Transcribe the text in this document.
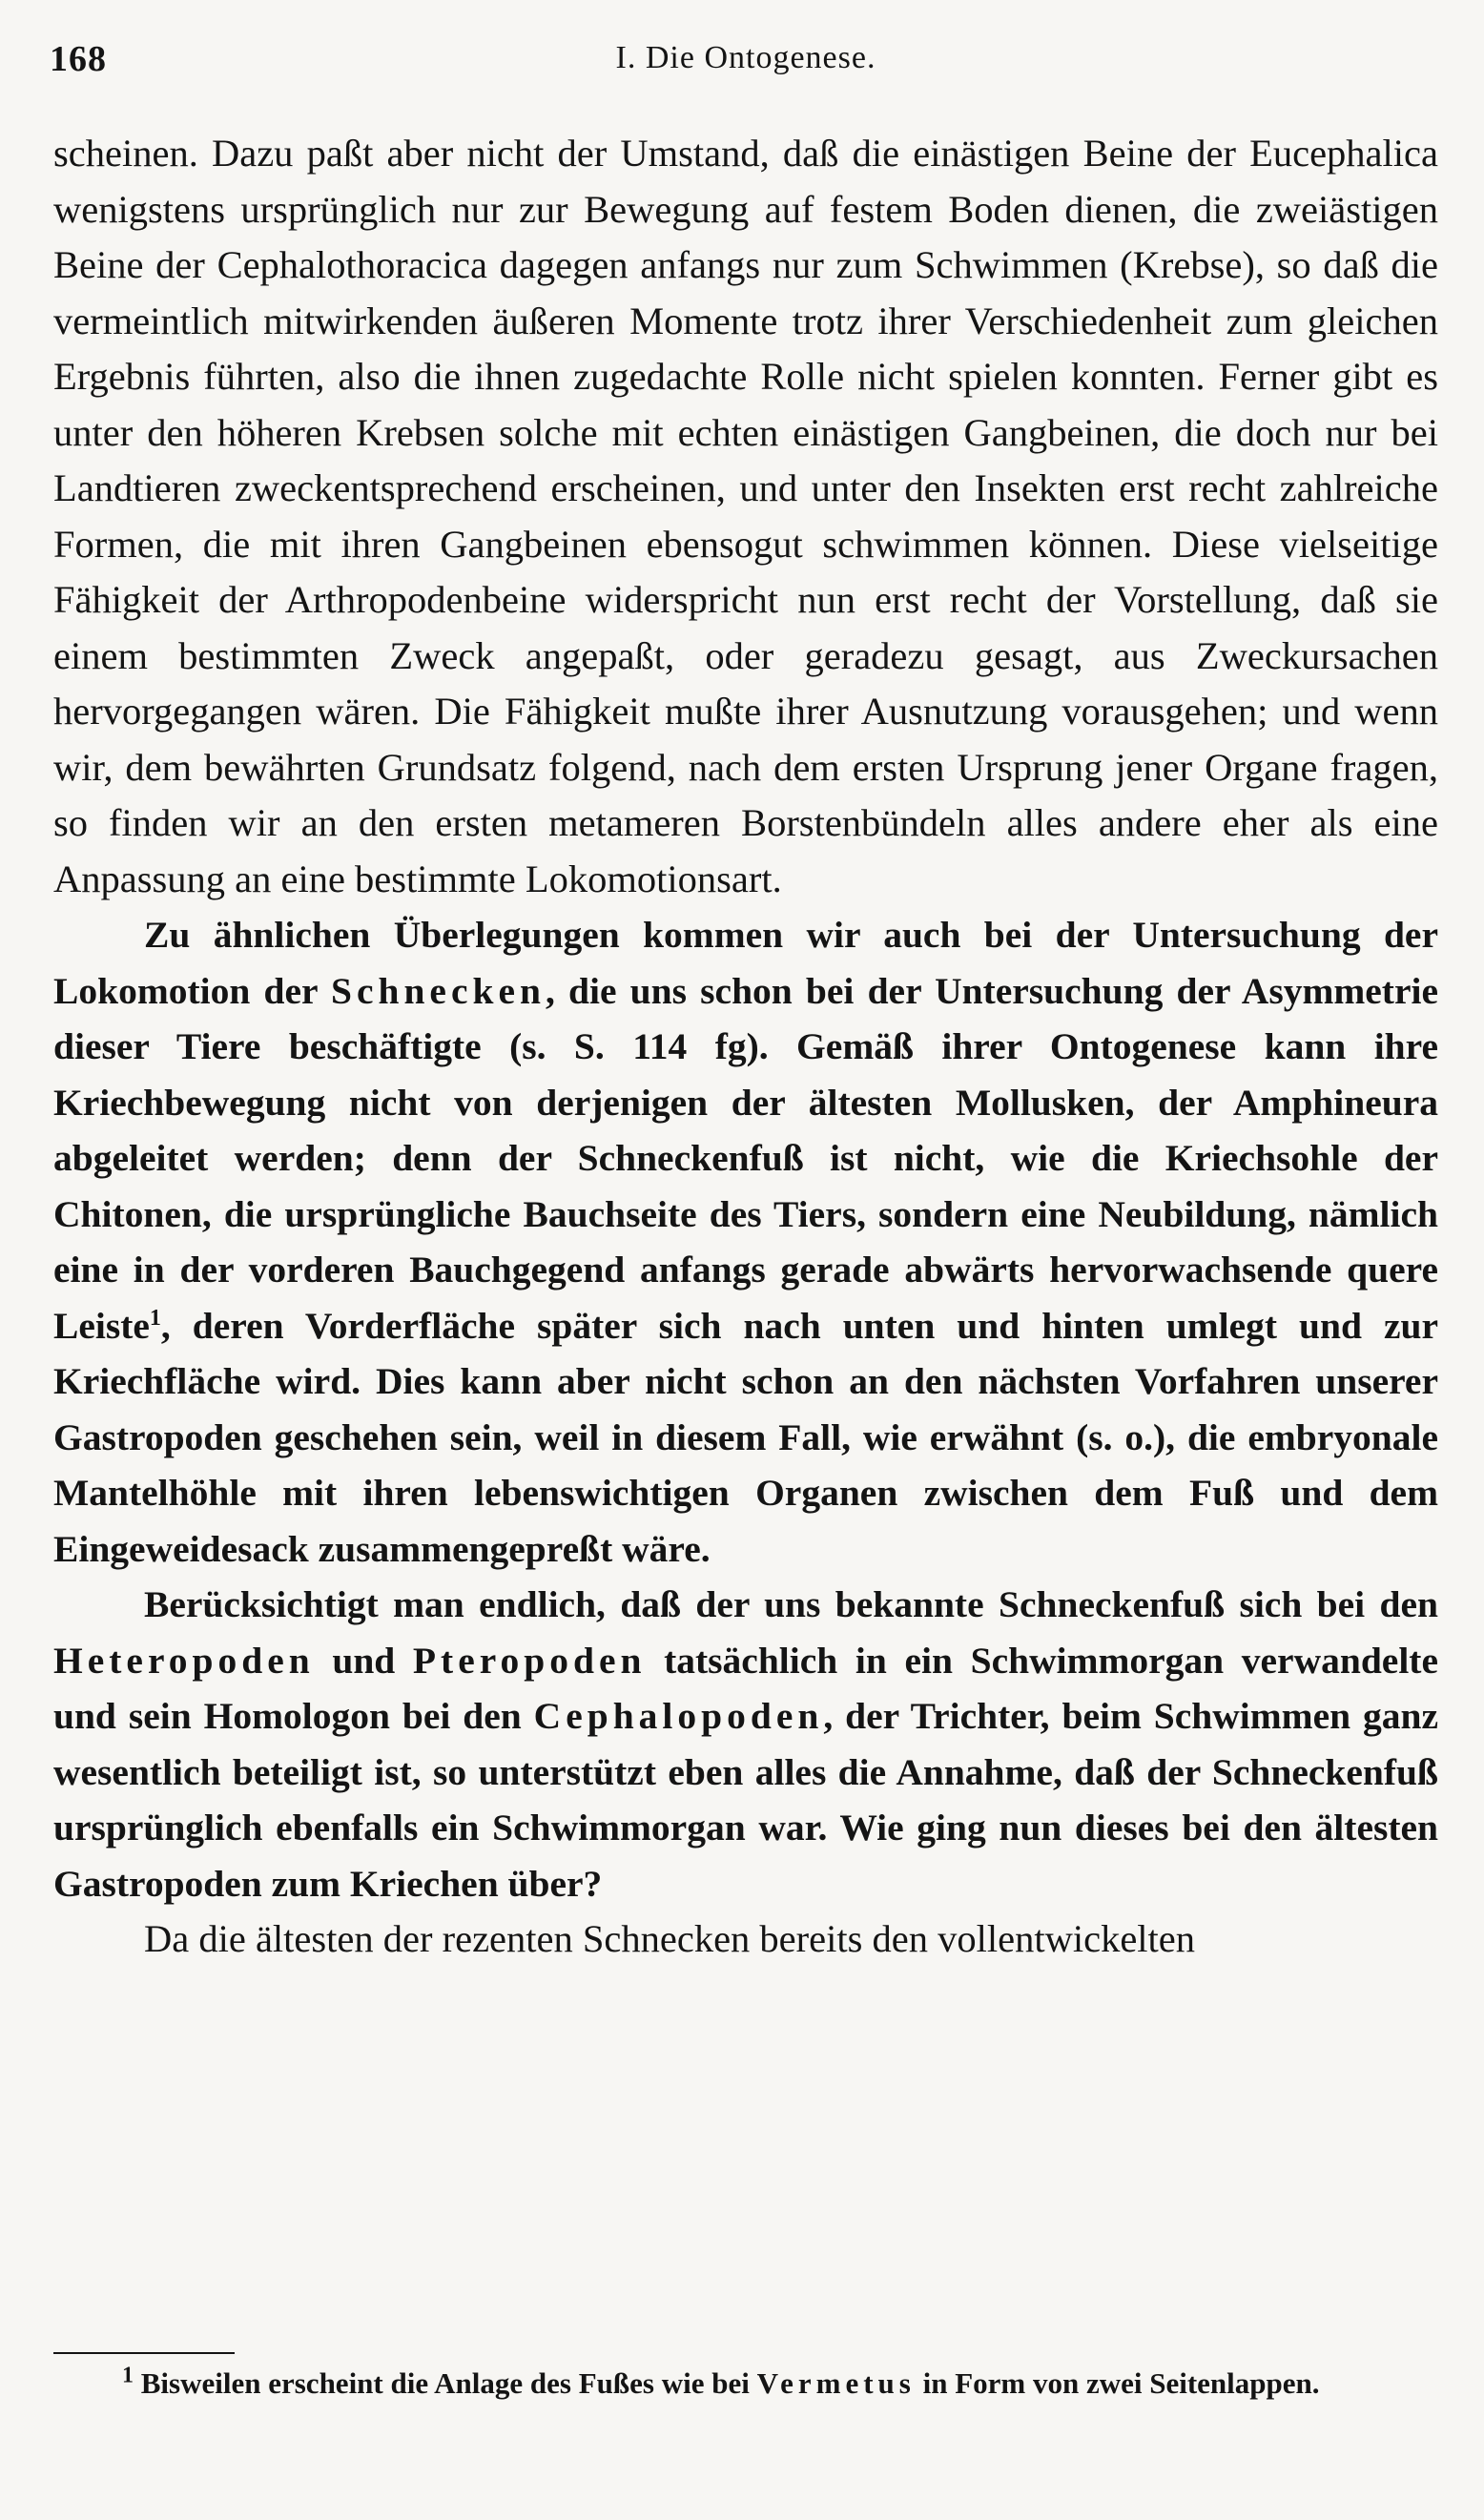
168	I. Die Ontogenese.

scheinen. Dazu paßt aber nicht der Umstand, daß die einästigen Beine der Eucephalica wenigstens ursprünglich nur zur Bewegung auf festem Boden dienen, die zweiästigen Beine der Cephalothoracica dagegen anfangs nur zum Schwimmen (Krebse), so daß die vermeintlich mitwirkenden äußeren Momente trotz ihrer Verschiedenheit zum gleichen Ergebnis führten, also die ihnen zugedachte Rolle nicht spielen konnten. Ferner gibt es unter den höheren Krebsen solche mit echten einästigen Gangbeinen, die doch nur bei Landtieren zweckentsprechend erscheinen, und unter den Insekten erst recht zahlreiche Formen, die mit ihren Gangbeinen ebensogut schwimmen können. Diese vielseitige Fähigkeit der Arthropodenbeine widerspricht nun erst recht der Vorstellung, daß sie einem bestimmten Zweck angepaßt, oder geradezu gesagt, aus Zweckursachen hervorgegangen wären. Die Fähigkeit mußte ihrer Ausnutzung vorausgehen; und wenn wir, dem bewährten Grundsatz folgend, nach dem ersten Ursprung jener Organe fragen, so finden wir an den ersten metameren Borstenbündeln alles andere eher als eine Anpassung an eine bestimmte Lokomotionsart.

Zu ähnlichen Überlegungen kommen wir auch bei der Untersuchung der Lokomotion der Schnecken, die uns schon bei der Untersuchung der Asymmetrie dieser Tiere beschäftigte (s. S. 114 fg). Gemäß ihrer Ontogenese kann ihre Kriechbewegung nicht von derjenigen der ältesten Mollusken, der Amphineura abgeleitet werden; denn der Schneckenfuß ist nicht, wie die Kriechsohle der Chitonen, die ursprüngliche Bauchseite des Tiers, sondern eine Neubildung, nämlich eine in der vorderen Bauchgegend anfangs gerade abwärts hervorwachsende quere Leiste$^1$, deren Vorderfläche später sich nach unten und hinten umlegt und zur Kriechfläche wird. Dies kann aber nicht schon an den nächsten Vorfahren unserer Gastropoden geschehen sein, weil in diesem Fall, wie erwähnt (s. o.), die embryonale Mantelhöhle mit ihren lebenswichtigen Organen zwischen dem Fuß und dem Eingeweidesack zusammengepreßt wäre.

Berücksichtigt man endlich, daß der uns bekannte Schneckenfuß sich bei den Heteropoden und Pteropoden tatsächlich in ein Schwimmorgan verwandelte und sein Homologon bei den Cephalopoden, der Trichter, beim Schwimmen ganz wesentlich beteiligt ist, so unterstützt eben alles die Annahme, daß der Schneckenfuß ursprünglich ebenfalls ein Schwimmorgan war. Wie ging nun dieses bei den ältesten Gastropoden zum Kriechen über?

Da die ältesten der rezenten Schnecken bereits den vollentwickelten

$^1$ Bisweilen erscheint die Anlage des Fußes wie bei Vermetus in Form von zwei Seitenlappen.
